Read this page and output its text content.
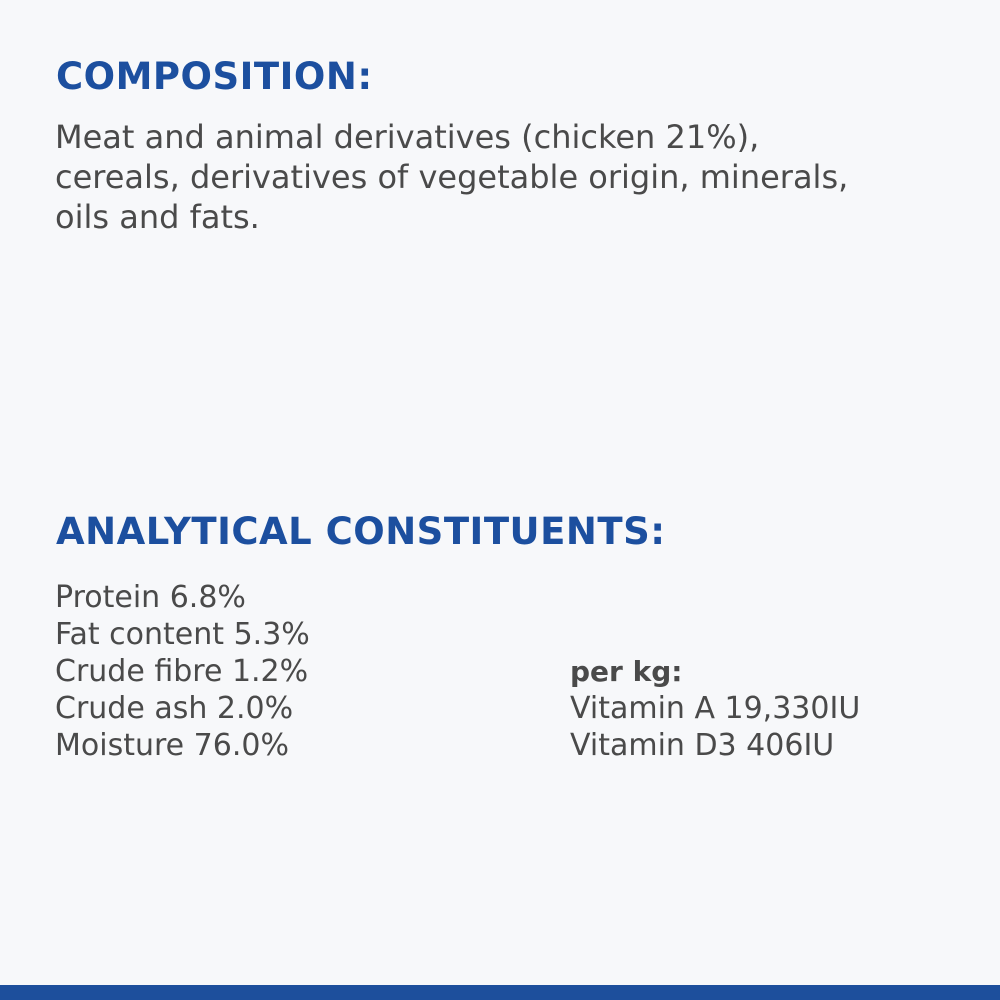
COMPOSITION:

Meat and animal derivatives (chicken 21%),
cereals, derivatives of vegetable origin, minerals,
oils and fats.

ANALYTICAL CONSTITUENTS:
Protein 6.8%
Fat content 5.3%
Crude fibre 1.2%
Crude ash 2.0%
Moisture 76.0%
per kg:
Vitamin A 19,330IU
Vitamin D3 406IU
